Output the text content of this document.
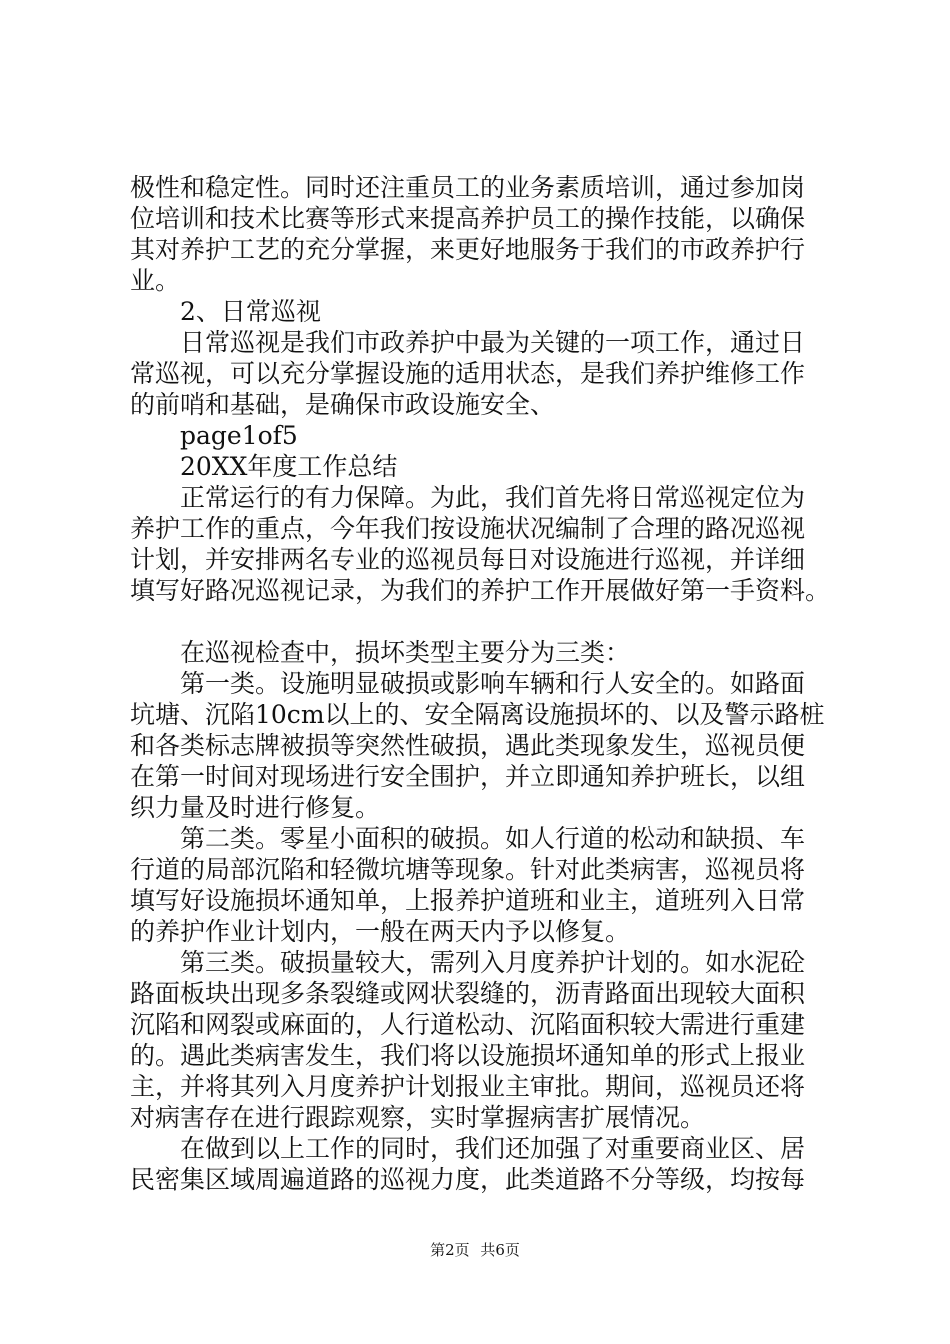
极性和稳定性。同时还注重员工的业务素质培训，通过参加岗
位培训和技术比赛等形式来提高养护员工的操作技能，以确保
其对养护工艺的充分掌握，来更好地服务于我们的市政养护行
业。
2、日常巡视
日常巡视是我们市政养护中最为关键的一项工作，通过日
常巡视，可以充分掌握设施的适用状态，是我们养护维修工作
的前哨和基础，是确保市政设施安全、
page1of5
20XX年度工作总结
正常运行的有力保障。为此，我们首先将日常巡视定位为
养护工作的重点，今年我们按设施状况编制了合理的路况巡视
计划，并安排两名专业的巡视员每日对设施进行巡视，并详细
填写好路况巡视记录，为我们的养护工作开展做好第一手资料。
在巡视检查中，损坏类型主要分为三类：
第一类。设施明显破损或影响车辆和行人安全的。如路面
坑塘、沉陷10cm以上的、安全隔离设施损坏的、以及警示路桩
和各类标志牌被损等突然性破损，遇此类现象发生，巡视员便
在第一时间对现场进行安全围护，并立即通知养护班长，以组
织力量及时进行修复。
第二类。零星小面积的破损。如人行道的松动和缺损、车
行道的局部沉陷和轻微坑塘等现象。针对此类病害，巡视员将
填写好设施损坏通知单，上报养护道班和业主，道班列入日常
的养护作业计划内，一般在两天内予以修复。
第三类。破损量较大，需列入月度养护计划的。如水泥砼
路面板块出现多条裂缝或网状裂缝的，沥青路面出现较大面积
沉陷和网裂或麻面的，人行道松动、沉陷面积较大需进行重建
的。遇此类病害发生，我们将以设施损坏通知单的形式上报业
主，并将其列入月度养护计划报业主审批。期间，巡视员还将
对病害存在进行跟踪观察，实时掌握病害扩展情况。
在做到以上工作的同时，我们还加强了对重要商业区、居
民密集区域周遍道路的巡视力度，此类道路不分等级，均按每
第2页 共6页
